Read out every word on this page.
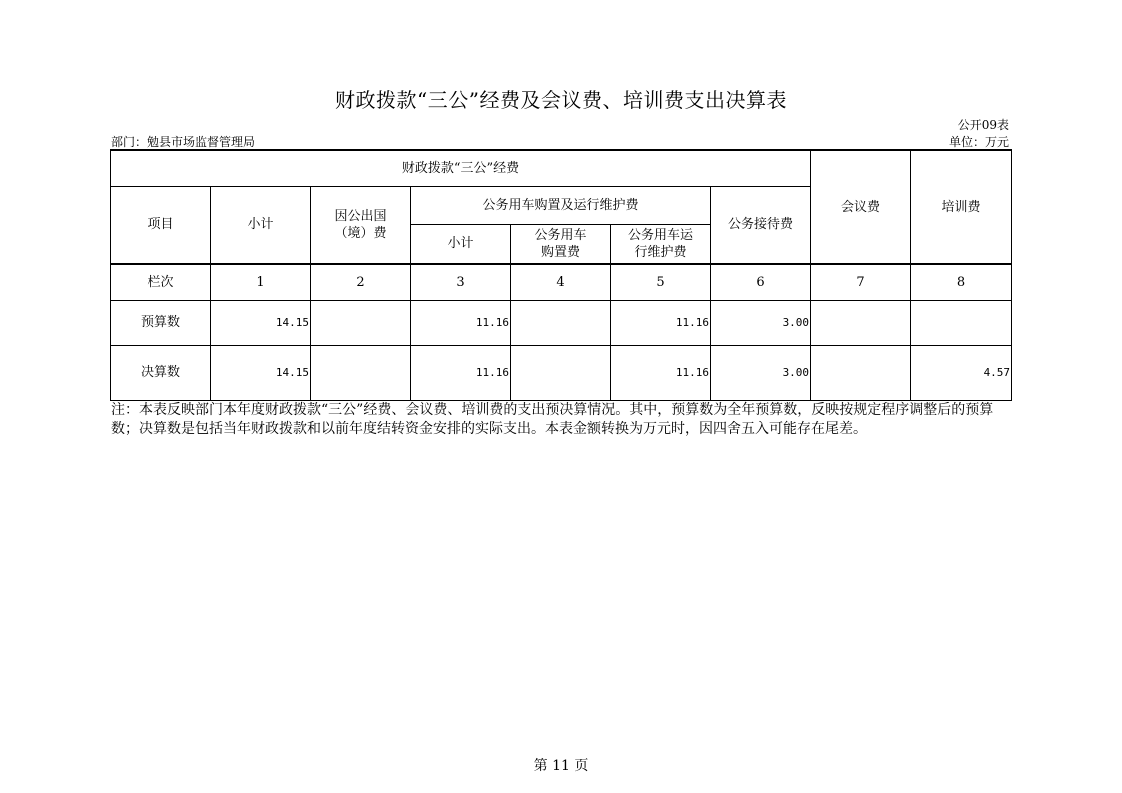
财政拨款“三公”经费及会议费、培训费支出决算表
公开09表
部门：勉县市场监督管理局	单位：万元
财政拨款“三公”经费							会议费	培训费
项目	小计	因公出国（境）费	公务用车购置及运行维护费			公务接待费		
			小计	公务用车购置费	公务用车运行维护费			

栏次	1	2	3	4	5	6	7	8
预算数	14.15		11.16		11.16	3.00		
决算数	14.15		11.16		11.16	3.00		4.57
注：本表反映部门本年度财政拨款“三公”经费、会议费、培训费的支出预决算情况。其中，预算数为全年预算数，反映按规定程序调整后的预算数；决算数是包括当年财政拨款和以前年度结转资金安排的实际支出。本表金额转换为万元时，因四舍五入可能存在尾差。
第 11 页
